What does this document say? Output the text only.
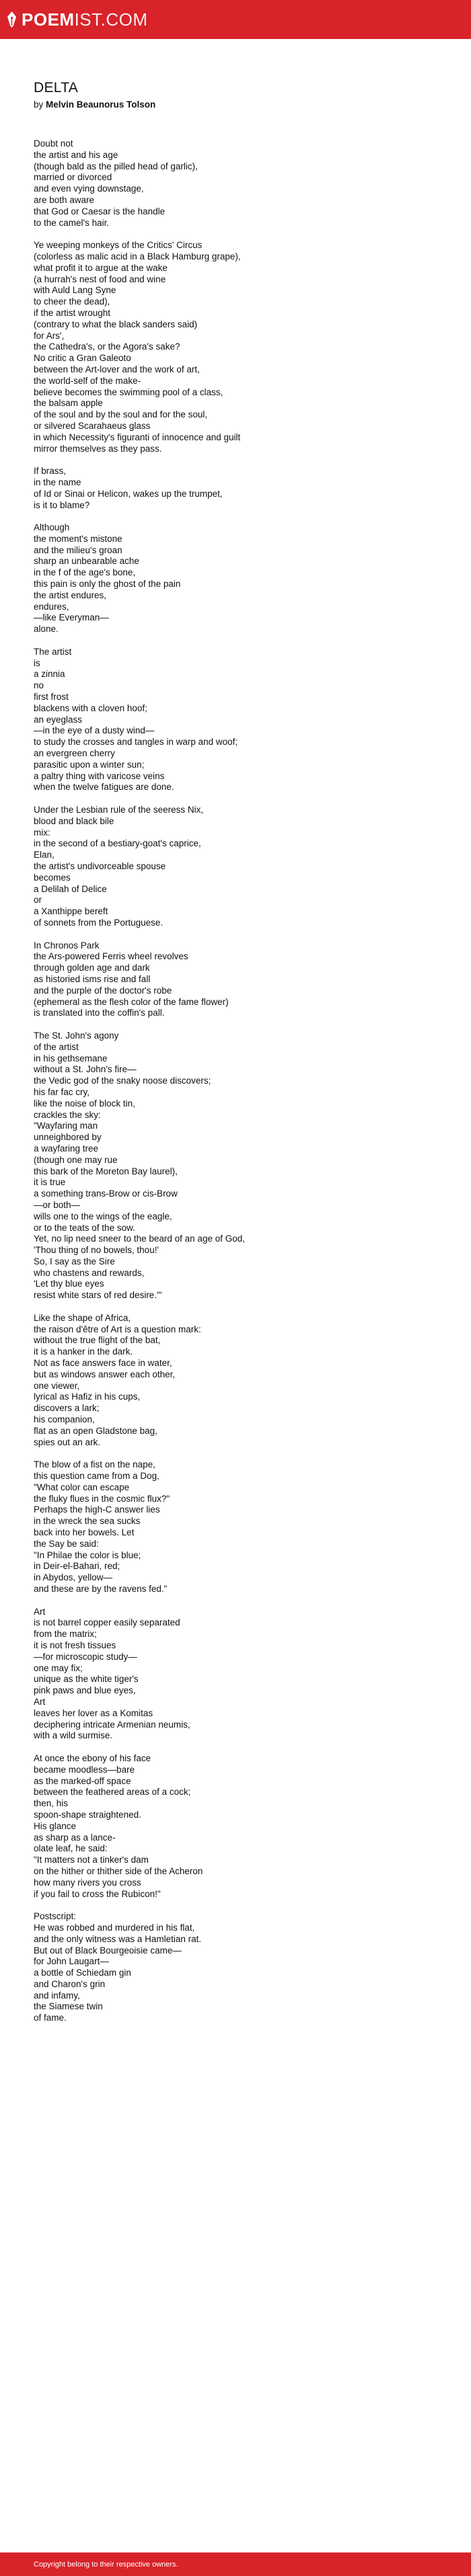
POEMIST.COM
DELTA
by Melvin Beaunorus Tolson
Doubt not
the artist and his age
(though bald as the pilled head of garlic),
married or divorced
and even vying downstage,
are both aware
that God or Caesar is the handle
to the camel's hair.
Ye weeping monkeys of the Critics' Circus
(colorless as malic acid in a Black Hamburg grape),
what profit it to argue at the wake
(a hurrah's nest of food and wine
with Auld Lang Syne
to cheer the dead),
if the artist wrought
(contrary to what the black sanders said)
for Ars',
the Cathedra's, or the Agora's sake?
No critic a Gran Galeoto
between the Art-lover and the work of art,
the world-self of the make-
believe becomes the swimming pool of a class,
the balsam apple
of the soul and by the soul and for the soul,
or silvered Scarahaeus glass
in which Necessity's figuranti of innocence and guilt
mirror themselves as they pass.
If brass,
in the name
of Id or Sinai or Helicon, wakes up the trumpet,
is it to blame?
Although
the moment's mistone
and the milieu's groan
sharp an unbearable ache
in the f of the age's bone,
this pain is only the ghost of the pain
the artist endures,
endures,
—like Everyman—
alone.
The artist
is
a zinnia
no
first frost
blackens with a cloven hoof;
an eyeglass
—in the eye of a dusty wind—
to study the crosses and tangles in warp and woof;
an evergreen cherry
parasitic upon a winter sun;
a paltry thing with varicose veins
when the twelve fatigues are done.
Under the Lesbian rule of the seeress Nix,
blood and black bile
mix:
in the second of a bestiary-goat's caprice,
Elan,
the artist's undivorceable spouse
becomes
a Delilah of Delice
or
a Xanthippe bereft
of sonnets from the Portuguese.
In Chronos Park
the Ars-powered Ferris wheel revolves
through golden age and dark
as historied isms rise and fall
and the purple of the doctor's robe
(ephemeral as the flesh color of the fame flower)
is translated into the coffin's pall.
The St. John's agony
of the artist
in his gethsemane
without a St. John's fire—
the Vedic god of the snaky noose discovers;
his far fac cry,
like the noise of block tin,
crackles the sky:
"Wayfaring man
unneighbored by
a wayfaring tree
(though one may rue
this bark of the Moreton Bay laurel),
it is true
a something trans-Brow or cis-Brow
—or both—
wills one to the wings of the eagle,
or to the teats of the sow.
Yet, no lip need sneer to the beard of an age of God,
'Thou thing of no bowels, thou!'
So, I say as the Sire
who chastens and rewards,
'Let thy blue eyes
resist white stars of red desire.'"
Like the shape of Africa,
the raison d'être of Art is a question mark:
without the true flight of the bat,
it is a hanker in the dark.
Not as face answers face in water,
but as windows answer each other,
one viewer,
lyrical as Hafiz in his cups,
discovers a lark;
his companion,
flat as an open Gladstone bag,
spies out an ark.
The blow of a fist on the nape,
this question came from a Dog,
"What color can escape
the fluky flues in the cosmic flux?"
Perhaps the high-C answer lies
in the wreck the sea sucks
back into her bowels. Let
the Say be said:
"In Philae the color is blue;
in Deir-el-Bahari, red;
in Abydos, yellow—
and these are by the ravens fed."
Art
is not barrel copper easily separated
from the matrix;
it is not fresh tissues
—for microscopic study—
one may fix;
unique as the white tiger's
pink paws and blue eyes,
Art
leaves her lover as a Komitas
deciphering intricate Armenian neumis,
with a wild surmise.
At once the ebony of his face
became moodless—bare
as the marked-off space
between the feathered areas of a cock;
then, his
spoon-shape straightened.
His glance
as sharp as a lance-
olate leaf, he said:
"It matters not a tinker's dam
on the hither or thither side of the Acheron
how many rivers you cross
if you fail to cross the Rubicon!"
Postscript:
He was robbed and murdered in his flat,
and the only witness was a Hamletian rat.
But out of Black Bourgeoisie came—
for John Laugart—
a bottle of Schiedam gin
and Charon's grin
and infamy,
the Siamese twin
of fame.
Copyright belong to their respective owners.
